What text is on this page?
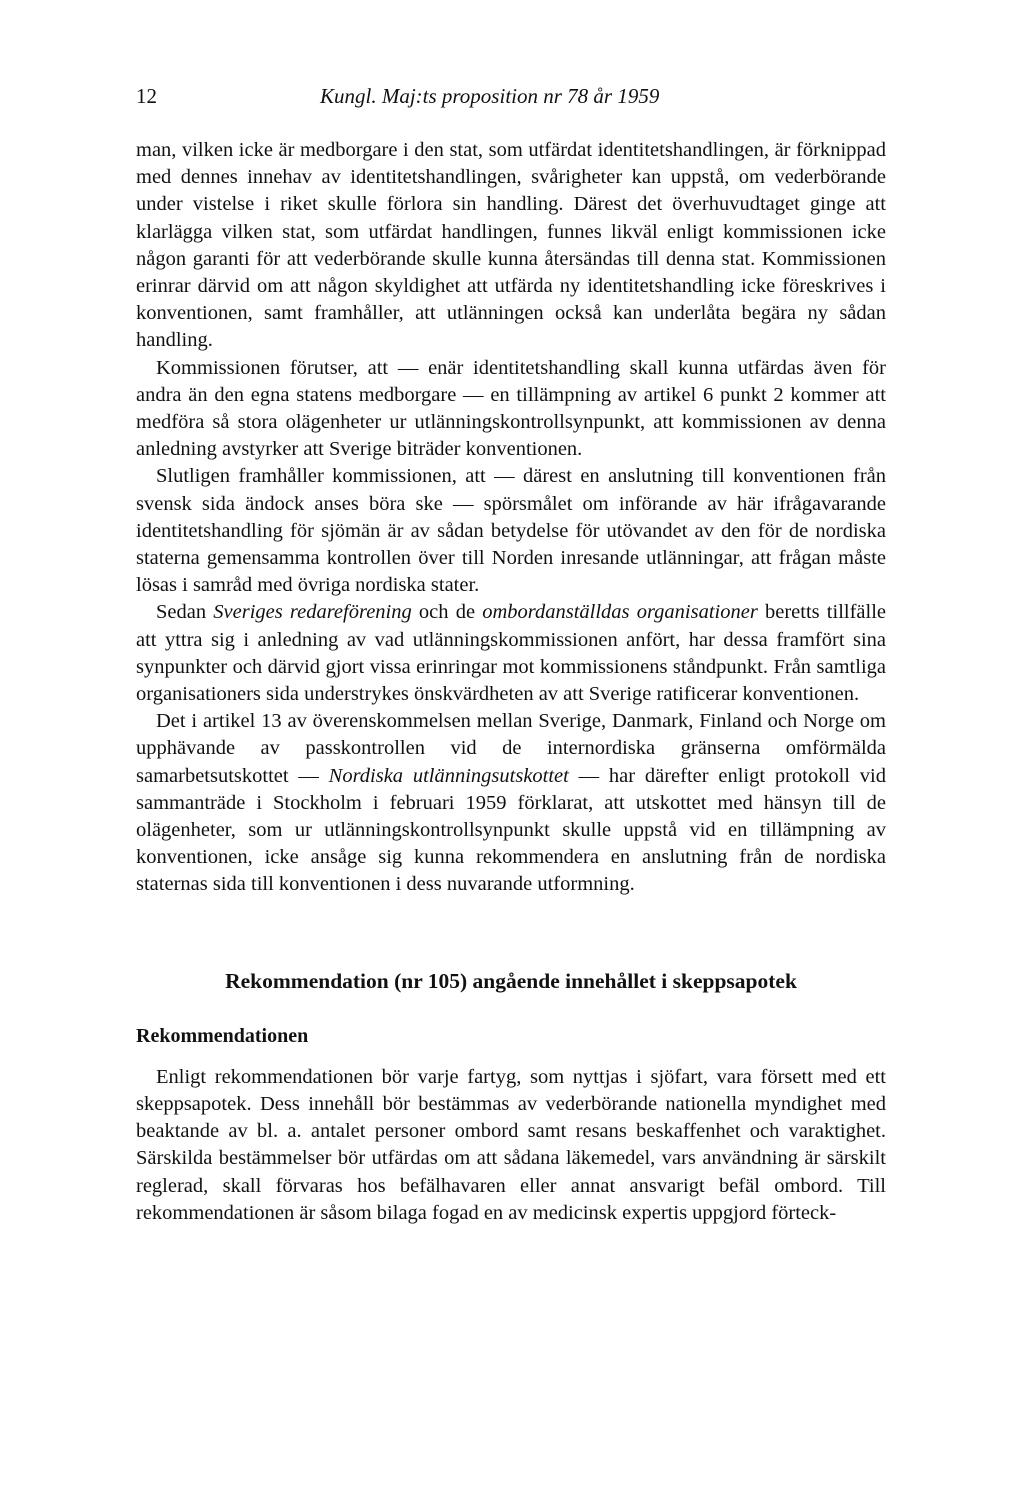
12	Kungl. Maj:ts proposition nr 78 år 1959

man, vilken icke är medborgare i den stat, som utfärdat identitetshandlingen, är förknippad med dennes innehav av identitetshandlingen, svårigheter kan uppstå, om vederbörande under vistelse i riket skulle förlora sin handling. Därest det överhuvudtaget ginge att klarlägga vilken stat, som utfärdat handlingen, funnes likväl enligt kommissionen icke någon garanti för att vederbörande skulle kunna återsändas till denna stat. Kommissionen erinrar därvid om att någon skyldighet att utfärda ny identitetshandling icke föreskrives i konventionen, samt framhåller, att utlänningen också kan underlåta begära ny sådan handling.

Kommissionen förutser, att — enär identitetshandling skall kunna utfärdas även för andra än den egna statens medborgare — en tillämpning av artikel 6 punkt 2 kommer att medföra så stora olägenheter ur utlänningskontrollsynpunkt, att kommissionen av denna anledning avstyrker att Sverige biträder konventionen.

Slutligen framhåller kommissionen, att — därest en anslutning till konventionen från svensk sida ändock anses böra ske — spörsmålet om införande av här ifrågavarande identitetshandling för sjömän är av sådan betydelse för utövandet av den för de nordiska staterna gemensamma kontrollen över till Norden inresande utlänningar, att frågan måste lösas i samråd med övriga nordiska stater.

Sedan Sveriges redareförening och de ombordanställdas organisationer beretts tillfälle att yttra sig i anledning av vad utlänningskommissionen anfört, har dessa framfört sina synpunkter och därvid gjort vissa erinringar mot kommissionens ståndpunkt. Från samtliga organisationers sida understrykes önskvärdheten av att Sverige ratificerar konventionen.

Det i artikel 13 av överenskommelsen mellan Sverige, Danmark, Finland och Norge om upphävande av passkontrollen vid de internordiska gränserna omförmälda samarbetsutskottet — Nordiska utlänningsutskottet — har därefter enligt protokoll vid sammanträde i Stockholm i februari 1959 förklarat, att utskottet med hänsyn till de olägenheter, som ur utlänningskontrollsynpunkt skulle uppstå vid en tillämpning av konventionen, icke ansåge sig kunna rekommendera en anslutning från de nordiska staternas sida till konventionen i dess nuvarande utformning.

Rekommendation (nr 105) angående innehållet i skeppsapotek
Rekommendationen

Enligt rekommendationen bör varje fartyg, som nyttjas i sjöfart, vara försett med ett skeppsapotek. Dess innehåll bör bestämmas av vederbörande nationella myndighet med beaktande av bl. a. antalet personer ombord samt resans beskaffenhet och varaktighet. Särskilda bestämmelser bör utfärdas om att sådana läkemedel, vars användning är särskilt reglerad, skall förvaras hos befälhavaren eller annat ansvarigt befäl ombord. Till rekommendationen är såsom bilaga fogad en av medicinsk expertis uppgjord förteck-
